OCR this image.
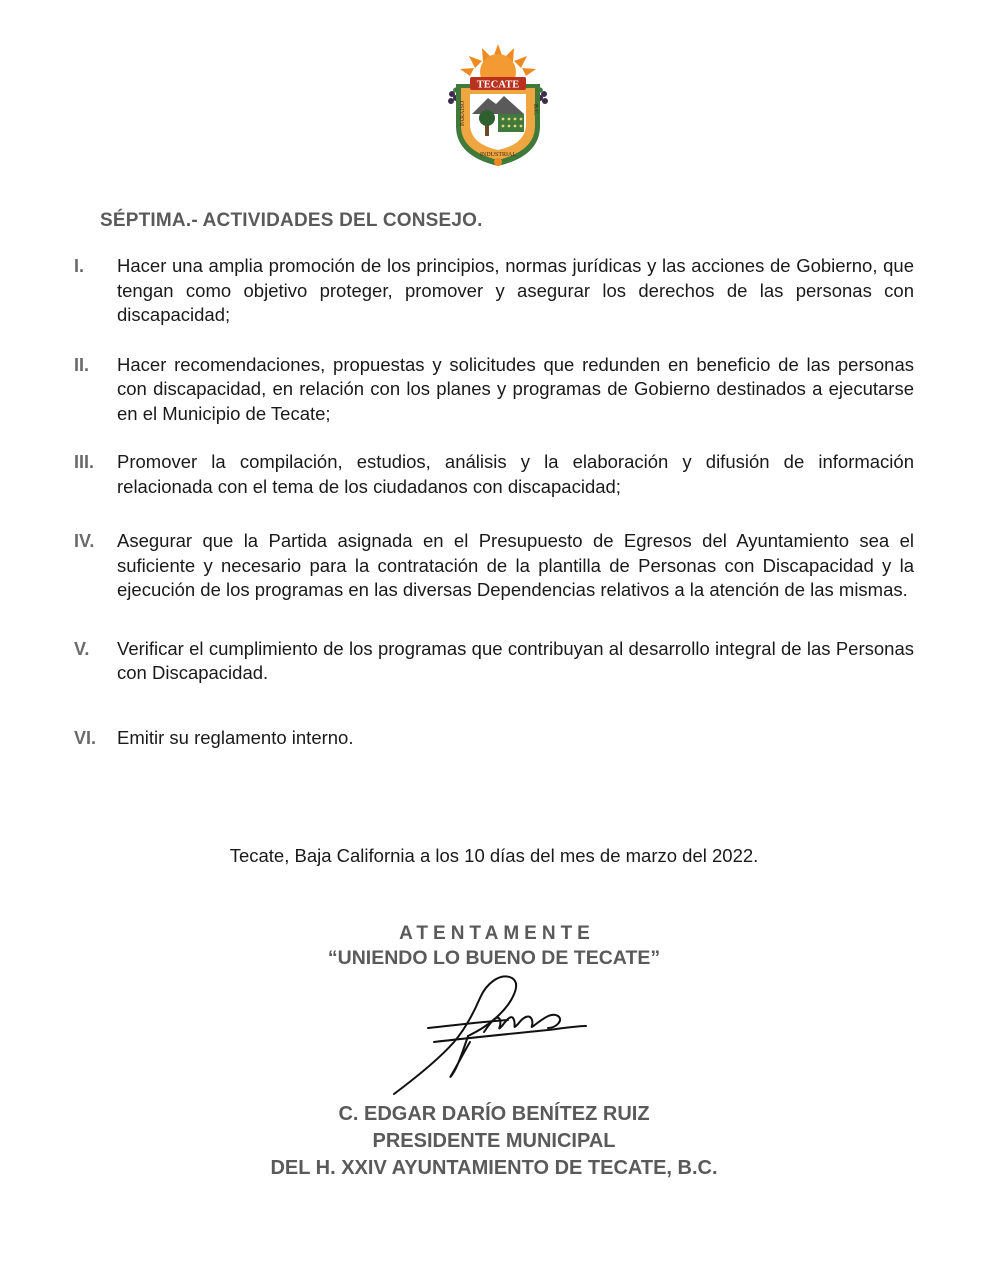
TECATE
PARAÍSO	B.C.
INDUSTRIAL
SÉPTIMA.- ACTIVIDADES DEL CONSEJO.
I.	Hacer una amplia promoción de los principios, normas jurídicas y las acciones de Gobierno, que tengan como objetivo proteger, promover y asegurar los derechos de las personas con discapacidad;
II.	Hacer recomendaciones, propuestas y solicitudes que redunden en beneficio de las personas con discapacidad, en relación con los planes y programas de Gobierno destinados a ejecutarse en el Municipio de Tecate;
III.	Promover la compilación, estudios, análisis y la elaboración y difusión de información relacionada con el tema de los ciudadanos con discapacidad;
IV.	Asegurar que la Partida asignada en el Presupuesto de Egresos del Ayuntamiento sea el suficiente y necesario para la contratación de la plantilla de Personas con Discapacidad y la ejecución de los programas en las diversas Dependencias relativos a la atención de las mismas.
V.	Verificar el cumplimiento de los programas que contribuyan al desarrollo integral de las Personas con Discapacidad.
VI.	Emitir su reglamento interno.
Tecate, Baja California a los 10 días del mes de marzo del 2022.
ATENTAMENTE
“UNIENDO LO BUENO DE TECATE”
C. EDGAR DARÍO BENÍTEZ RUIZ
PRESIDENTE MUNICIPAL
DEL H. XXIV AYUNTAMIENTO DE TECATE, B.C.
